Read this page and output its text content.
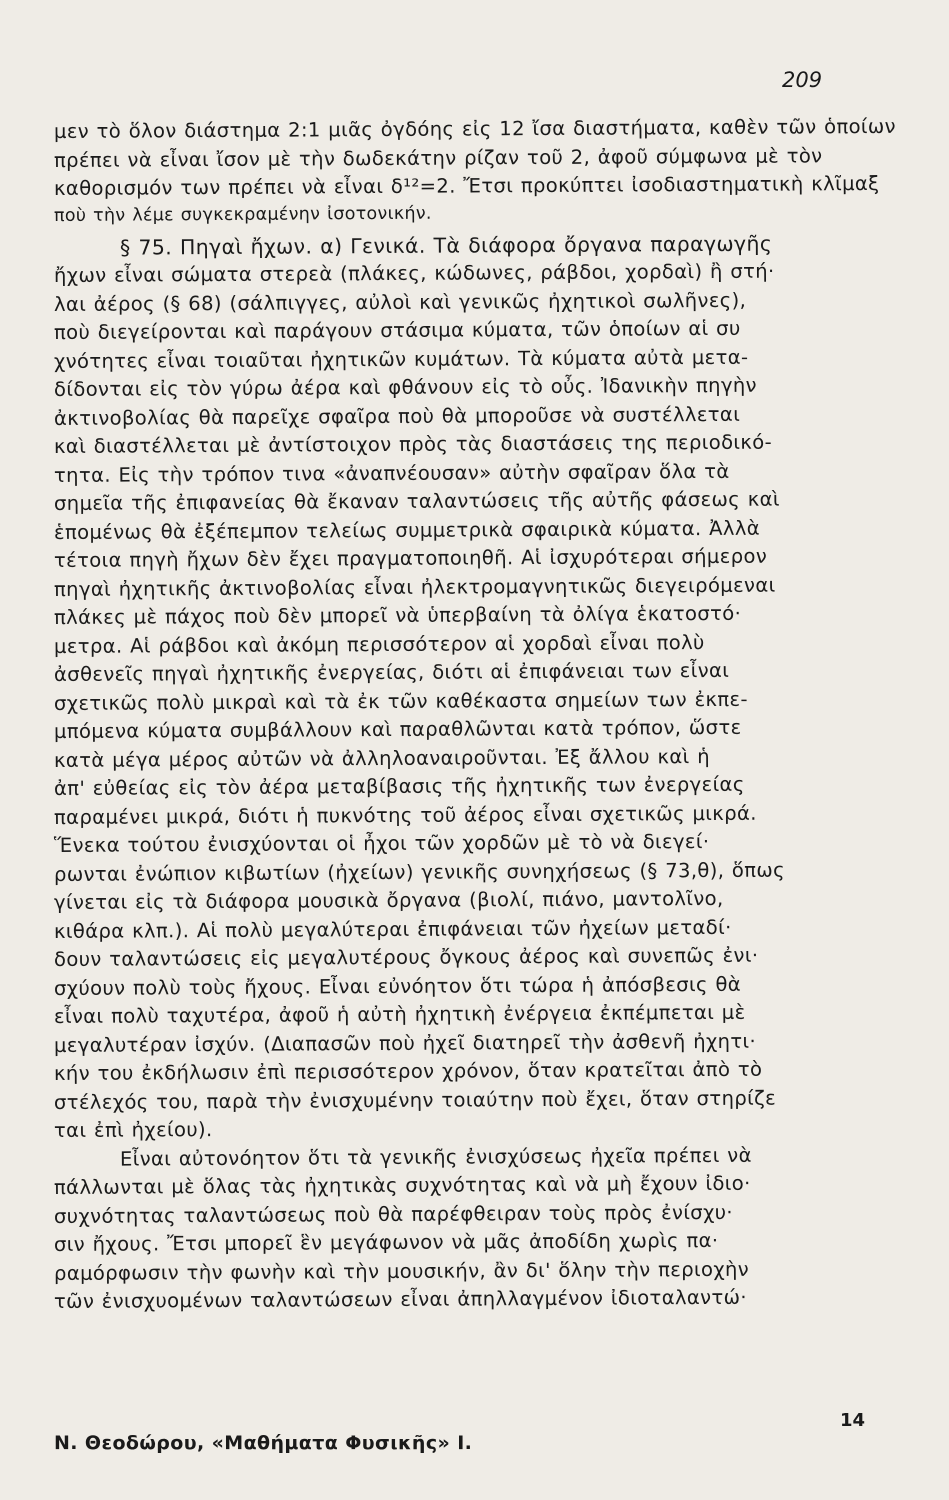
209
μεν τὸ ὅλον διάστημα 2:1 μιᾶς ὀγδόης εἰς 12 ἴσα διαστήματα, καθὲν τῶν ὁποίων
πρέπει νὰ εἶναι ἴσον μὲ τὴν δωδεκάτην ρίζαν τοῦ 2, ἀφοῦ σύμφωνα μὲ τὸν
καθορισμόν των πρέπει νὰ εἶναι δ¹²=2. Ἔτσι προκύπτει ἰσοδιαστηματικὴ κλῖμαξ
ποὺ τὴν λέμε συγκεκραμένην ἰσοτονικήν.
§ 75. Πηγαὶ ἤχων. α) Γενικά. Τὰ διάφορα ὄργανα παραγωγῆς
ἤχων εἶναι σώματα στερεὰ (πλάκες, κώδωνες, ράβδοι, χορδαὶ) ἢ στή·
λαι ἀέρος (§ 68) (σάλπιγγες, αὐλοὶ καὶ γενικῶς ἠχητικοὶ σωλῆνες),
ποὺ διεγείρονται καὶ παράγουν στάσιμα κύματα, τῶν ὁποίων αἱ συ
χνότητες εἶναι τοιαῦται ἠχητικῶν κυμάτων. Τὰ κύματα αὐτὰ μετα-
δίδονται εἰς τὸν γύρω ἀέρα καὶ φθάνουν εἰς τὸ οὖς. Ἰδανικὴν πηγὴν
ἀκτινοβολίας θὰ παρεῖχε σφαῖρα ποὺ θὰ μποροῦσε νὰ συστέλλεται
καὶ διαστέλλεται μὲ ἀντίστοιχον πρὸς τὰς διαστάσεις της περιοδικό-
τητα. Εἰς τὴν τρόπον τινα «ἀναπνέουσαν» αὐτὴν σφαῖραν ὅλα τὰ
σημεῖα τῆς ἐπιφανείας θὰ ἔκαναν ταλαντώσεις τῆς αὐτῆς φάσεως καὶ
ἑπομένως θὰ ἐξέπεμπον τελείως συμμετρικὰ σφαιρικὰ κύματα. Ἀλλὰ
τέτοια πηγὴ ἤχων δὲν ἔχει πραγματοποιηθῆ. Αἱ ἰσχυρότεραι σήμερον
πηγαὶ ἠχητικῆς ἀκτινοβολίας εἶναι ἠλεκτρομαγνητικῶς διεγειρόμεναι
πλάκες μὲ πάχος ποὺ δὲν μπορεῖ νὰ ὑπερβαίνη τὰ ὀλίγα ἑκατοστό·
μετρα. Αἱ ράβδοι καὶ ἀκόμη περισσότερον αἱ χορδαὶ εἶναι πολὺ
ἀσθενεῖς πηγαὶ ἠχητικῆς ἐνεργείας, διότι αἱ ἐπιφάνειαι των εἶναι
σχετικῶς πολὺ μικραὶ καὶ τὰ ἐκ τῶν καθέκαστα σημείων των ἐκπε-
μπόμενα κύματα συμβάλλουν καὶ παραθλῶνται κατὰ τρόπον, ὥστε
κατὰ μέγα μέρος αὐτῶν νὰ ἀλληλοαναιροῦνται. Ἐξ ἄλλου καὶ ἡ
ἀπ' εὐθείας εἰς τὸν ἀέρα μεταβίβασις τῆς ἠχητικῆς των ἐνεργείας
παραμένει μικρά, διότι ἡ πυκνότης τοῦ ἀέρος εἶναι σχετικῶς μικρά.
Ἕνεκα τούτου ἐνισχύονται οἱ ἦχοι τῶν χορδῶν μὲ τὸ νὰ διεγεί·
ρωνται ἐνώπιον κιβωτίων (ἠχείων) γενικῆς συνηχήσεως (§ 73,θ), ὅπως
γίνεται εἰς τὰ διάφορα μουσικὰ ὄργανα (βιολί, πιάνο, μαντολῖνο,
κιθάρα κλπ.). Αἱ πολὺ μεγαλύτεραι ἐπιφάνειαι τῶν ἠχείων μεταδί·
δουν ταλαντώσεις εἰς μεγαλυτέρους ὄγκους ἀέρος καὶ συνεπῶς ἐνι·
σχύουν πολὺ τοὺς ἤχους. Εἶναι εὐνόητον ὅτι τώρα ἡ ἀπόσβεσις θὰ
εἶναι πολὺ ταχυτέρα, ἀφοῦ ἡ αὐτὴ ἠχητικὴ ἐνέργεια ἐκπέμπεται μὲ
μεγαλυτέραν ἰσχύν. (Διαπασῶν ποὺ ἠχεῖ διατηρεῖ τὴν ἀσθενῆ ἠχητι·
κήν του ἐκδήλωσιν ἐπὶ περισσότερον χρόνον, ὅταν κρατεῖται ἀπὸ τὸ
στέλεχός του, παρὰ τὴν ἐνισχυμένην τοιαύτην ποὺ ἔχει, ὅταν στηρίζε
ται ἐπὶ ἠχείου).
Εἶναι αὐτονόητον ὅτι τὰ γενικῆς ἐνισχύσεως ἠχεῖα πρέπει νὰ
πάλλωνται μὲ ὅλας τὰς ἠχητικὰς συχνότητας καὶ νὰ μὴ ἔχουν ἰδιο·
συχνότητας ταλαντώσεως ποὺ θὰ παρέφθειραν τοὺς πρὸς ἐνίσχυ·
σιν ἤχους. Ἔτσι μπορεῖ ἓν μεγάφωνον νὰ μᾶς ἀποδίδη χωρὶς πα·
ραμόρφωσιν τὴν φωνὴν καὶ τὴν μουσικήν, ἂν δι' ὅλην τὴν περιοχὴν
τῶν ἐνισχυομένων ταλαντώσεων εἶναι ἀπηλλαγμένον ἰδιοταλαντώ·
14
Ν. Θεοδώρου, «Μαθήματα Φυσικῆς» Ι.
